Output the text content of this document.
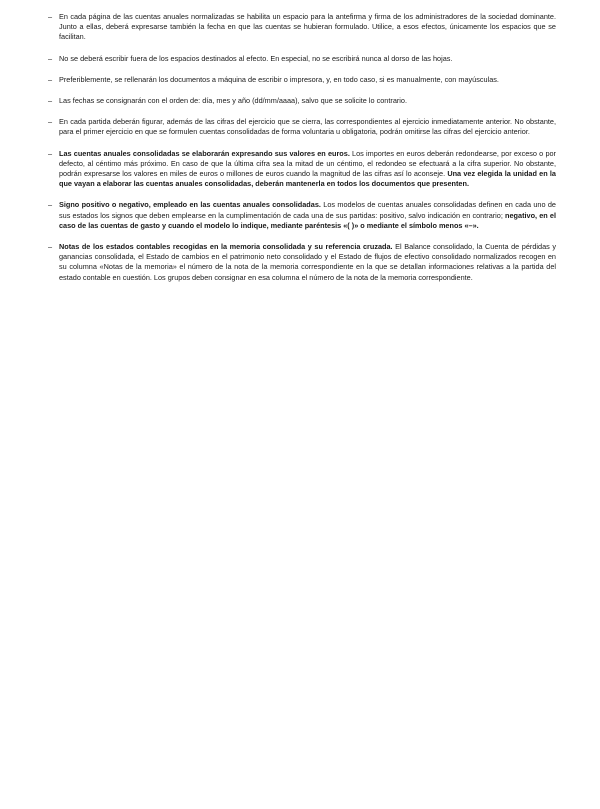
– En cada página de las cuentas anuales normalizadas se habilita un espacio para la antefirma y firma de los administradores de la sociedad dominante. Junto a ellas, deberá expresarse también la fecha en que las cuentas se hubieran formulado. Utilice, a esos efectos, únicamente los espacios que se facilitan.
– No se deberá escribir fuera de los espacios destinados al efecto. En especial, no se escribirá nunca al dorso de las hojas.
– Preferiblemente, se rellenarán los documentos a máquina de escribir o impresora, y, en todo caso, si es manualmente, con mayúsculas.
– Las fechas se consignarán con el orden de: día, mes y año (dd/mm/aaaa), salvo que se solicite lo contrario.
– En cada partida deberán figurar, además de las cifras del ejercicio que se cierra, las correspondientes al ejercicio inmediatamente anterior. No obstante, para el primer ejercicio en que se formulen cuentas consolidadas de forma voluntaria u obligatoria, podrán omitirse las cifras del ejercicio anterior.
– Las cuentas anuales consolidadas se elaborarán expresando sus valores en euros. Los importes en euros deberán redondearse, por exceso o por defecto, al céntimo más próximo. En caso de que la última cifra sea la mitad de un céntimo, el redondeo se efectuará a la cifra superior. No obstante, podrán expresarse los valores en miles de euros o millones de euros cuando la magnitud de las cifras así lo aconseje. Una vez elegida la unidad en la que vayan a elaborar las cuentas anuales consolidadas, deberán mantenerla en todos los documentos que presenten.
– Signo positivo o negativo, empleado en las cuentas anuales consolidadas. Los modelos de cuentas anuales consolidadas definen en cada uno de sus estados los signos que deben emplearse en la cumplimentación de cada una de sus partidas: positivo, salvo indicación en contrario; negativo, en el caso de las cuentas de gasto y cuando el modelo lo indique, mediante paréntesis «( )» o mediante el símbolo menos «–».
– Notas de los estados contables recogidas en la memoria consolidada y su referencia cruzada. El Balance consolidado, la Cuenta de pérdidas y ganancias consolidada, el Estado de cambios en el patrimonio neto consolidado y el Estado de flujos de efectivo consolidado normalizados recogen en su columna «Notas de la memoria» el número de la nota de la memoria correspondiente en la que se detallan informaciones relativas a la partida del estado contable en cuestión. Los grupos deben consignar en esa columna el número de la nota de la memoria correspondiente.
